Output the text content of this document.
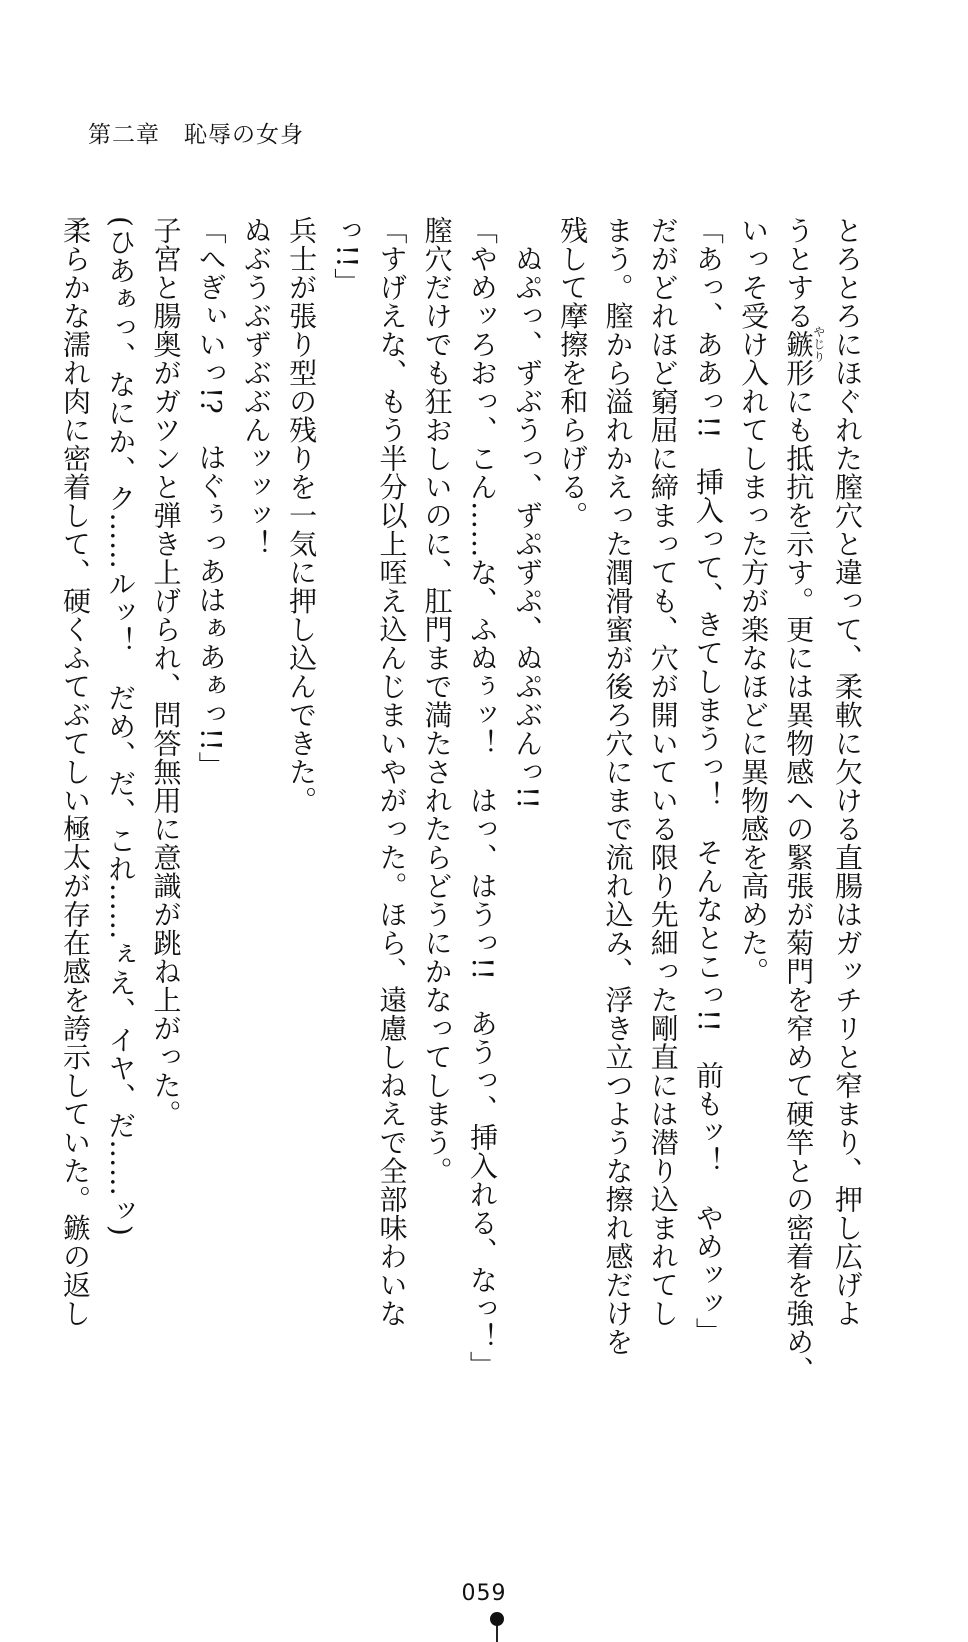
第二章　恥辱の女身

とろとろにほぐれた膣穴と違って、柔軟に欠ける直腸はガッチリと窄まり、押し広げよ

うとする鏃やじり形にも抵抗を示す。更には異物感への緊張が菊門を窄めて硬竿との密着を強め、

いっそ受け入れてしまった方が楽なほどに異物感を高めた。

「あっ、ああっ!!　挿入って、きてしまうっ！　そんなとこっ!!　前もッ！　やめッッ」

だがどれほど窮屈に締まっても、穴が開いている限り先細った剛直には潜り込まれてし

まう。膣から溢れかえった潤滑蜜が後ろ穴にまで流れ込み、浮き立つような擦れ感だけを

残して摩擦を和らげる。

　ぬぷっ、ずぶうっ、ずぷずぷ、ぬぷぶんっ!!

「やめッろおっ、こん……な、ふぬぅッ！　はっ、はうっ!!　あうっ、挿入れる、なっ！」

膣穴だけでも狂おしいのに、肛門まで満たされたらどうにかなってしまう。

「すげえな、もう半分以上咥え込んじまいやがった。ほら、遠慮しねえで全部味わいな

っ!!」

兵士が張り型の残りを一気に押し込んできた。

ぬぶうぶずぶぶんッッッ！

「へぎぃいっ!?　はぐぅっあはぁあぁっ!!」

子宮と腸奥がガツンと弾き上げられ、問答無用に意識が跳ね上がった。

(ひあぁっ、なにか、ク……ルッ！　だめ、だ、これ……ぇえ、イヤ、だ……ッ)

柔らかな濡れ肉に密着して、硬くふてぶてしい極太が存在感を誇示していた。鏃の返し

059
